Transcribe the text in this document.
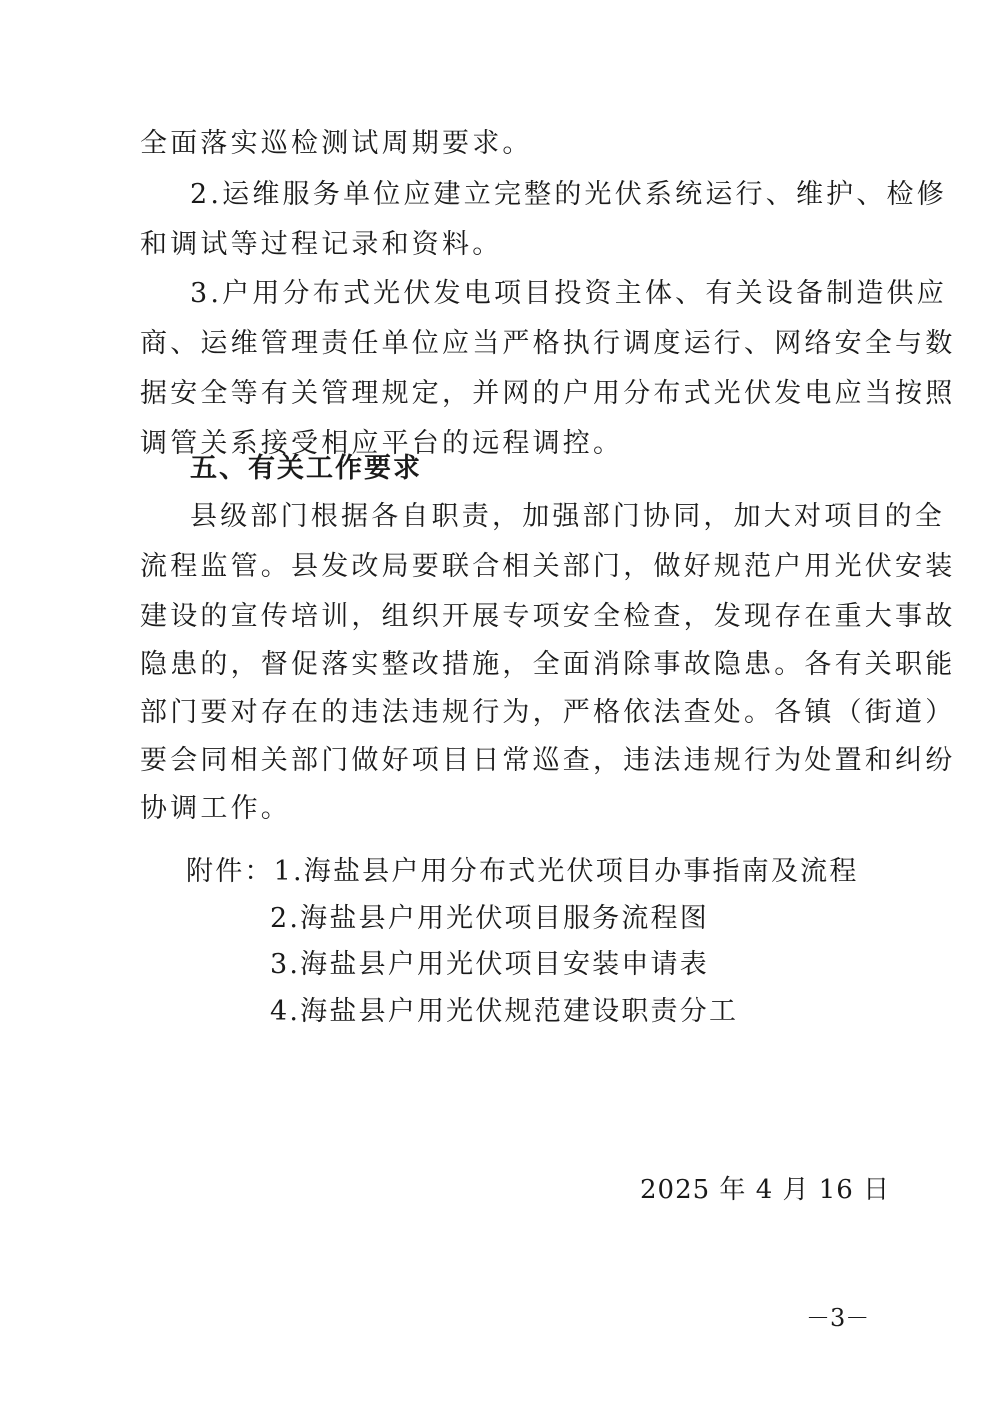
全面落实巡检测试周期要求。
2.运维服务单位应建立完整的光伏系统运行、维护、检修
和调试等过程记录和资料。
3.户用分布式光伏发电项目投资主体、有关设备制造供应
商、运维管理责任单位应当严格执行调度运行、网络安全与数
据安全等有关管理规定，并网的户用分布式光伏发电应当按照
调管关系接受相应平台的远程调控。
五、有关工作要求
县级部门根据各自职责，加强部门协同，加大对项目的全
流程监管。县发改局要联合相关部门，做好规范户用光伏安装
建设的宣传培训，组织开展专项安全检查，发现存在重大事故
隐患的，督促落实整改措施，全面消除事故隐患。各有关职能
部门要对存在的违法违规行为，严格依法查处。各镇（街道）
要会同相关部门做好项目日常巡查，违法违规行为处置和纠纷
协调工作。
附件：1.海盐县户用分布式光伏项目办事指南及流程
2.海盐县户用光伏项目服务流程图
3.海盐县户用光伏项目安装申请表
4.海盐县户用光伏规范建设职责分工
2025 年 4 月 16 日
－3－
